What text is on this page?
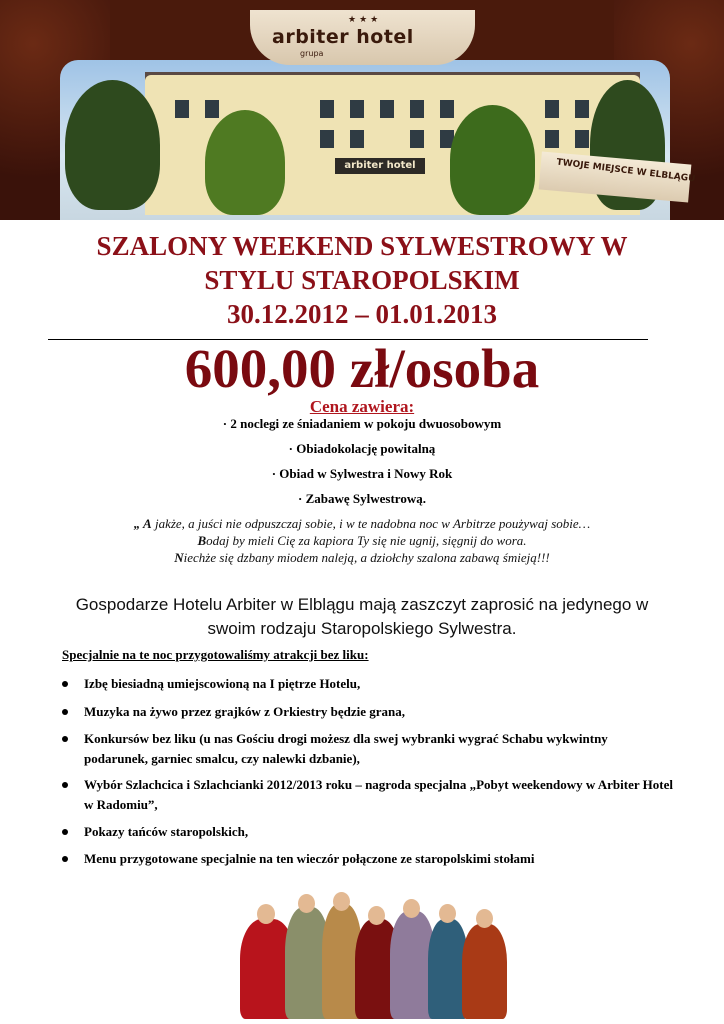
arbiter hotel
★★★
arbiter hotel
grupa
TWOJE MIEJSCE W ELBLĄGU
SZALONY WEEKEND SYLWESTROWY W
STYLU STAROPOLSKIM
30.12.2012 – 01.01.2013
600,00 zł/osoba
Cena zawiera:
· 2 noclegi ze śniadaniem w pokoju dwuosobowym
· Obiadokolację powitalną
· Obiad w Sylwestra i Nowy Rok
· Zabawę Sylwestrową.
„ A jakże, a juści nie odpuszczaj sobie, i w te nadobna noc w Arbitrze poużywaj sobie…
Bodaj by mieli Cię za kapiora Ty się nie ugnij, sięgnij do wora.
Niechże się dzbany miodem naleją, a dziołchy szalona zabawą śmieją!!!
Gospodarze Hotelu Arbiter w Elblągu mają zaszczyt zaprosić na jedynego w swoim rodzaju Staropolskiego Sylwestra.
Specjalnie na te noc przygotowaliśmy atrakcji bez liku:
Izbę biesiadną umiejscowioną na I piętrze Hotelu,
Muzyka na żywo przez grajków z Orkiestry będzie grana,
Konkursów bez liku (u nas Gościu drogi możesz dla swej wybranki wygrać Schabu wykwintny podarunek, garniec smalcu, czy nalewki dzbanie),
Wybór Szlachcica i Szlachcianki 2012/2013 roku – nagroda specjalna „Pobyt weekendowy w Arbiter Hotel w Radomiu”,
Pokazy tańców staropolskich,
Menu przygotowane specjalnie na ten wieczór połączone ze staropolskimi stołami
